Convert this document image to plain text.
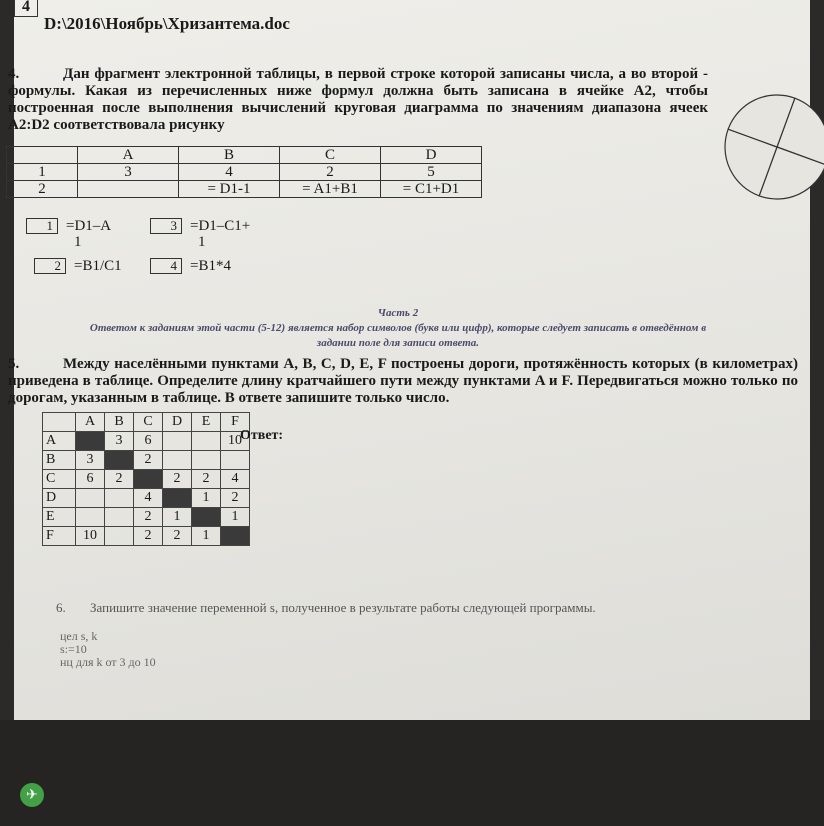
4
D:\2016\Ноябрь\Хризантема.doc
4.	Дан фрагмент электронной таблицы, в первой строке которой записаны числа, а во второй - формулы. Какая из перечисленных ниже формул должна быть записана в ячейке A2, чтобы построенная после выполнения вычислений круговая диаграмма по значениям диапазона ячеек A2:D2 соответствовала рисунку
	A	B	C	D
1	3	4	2	5
2		= D1-1	= A1+B1	= C1+D1
1 =D1–A
1
3 =D1–C1+
1
2 =B1/C1	4 =B1*4
Часть 2
Ответом к заданиям этой части (5-12) является набор символов (букв или цифр), которые следует записать в отведённом в
задании поле для записи ответа.
5.	Между населёнными пунктами A, B, C, D, E, F построены дороги, протяжённость которых (в километрах) приведена в таблице. Определите длину кратчайшего пути между пунктами A и F. Передвигаться можно только по дорогам, указанным в таблице. В ответе запишите только число.
	A	B	C	D	E	F
A		3	6			10
B	3		2			
C	6	2		2	2	4
D			4		1	2
E			2	1		1
F	10		2	2	1	
Ответ:
6. Запишите значение переменной s, полученное в результате работы следующей программы.
цел s, k
s:=10
нц для k от 3 до 10
✈
